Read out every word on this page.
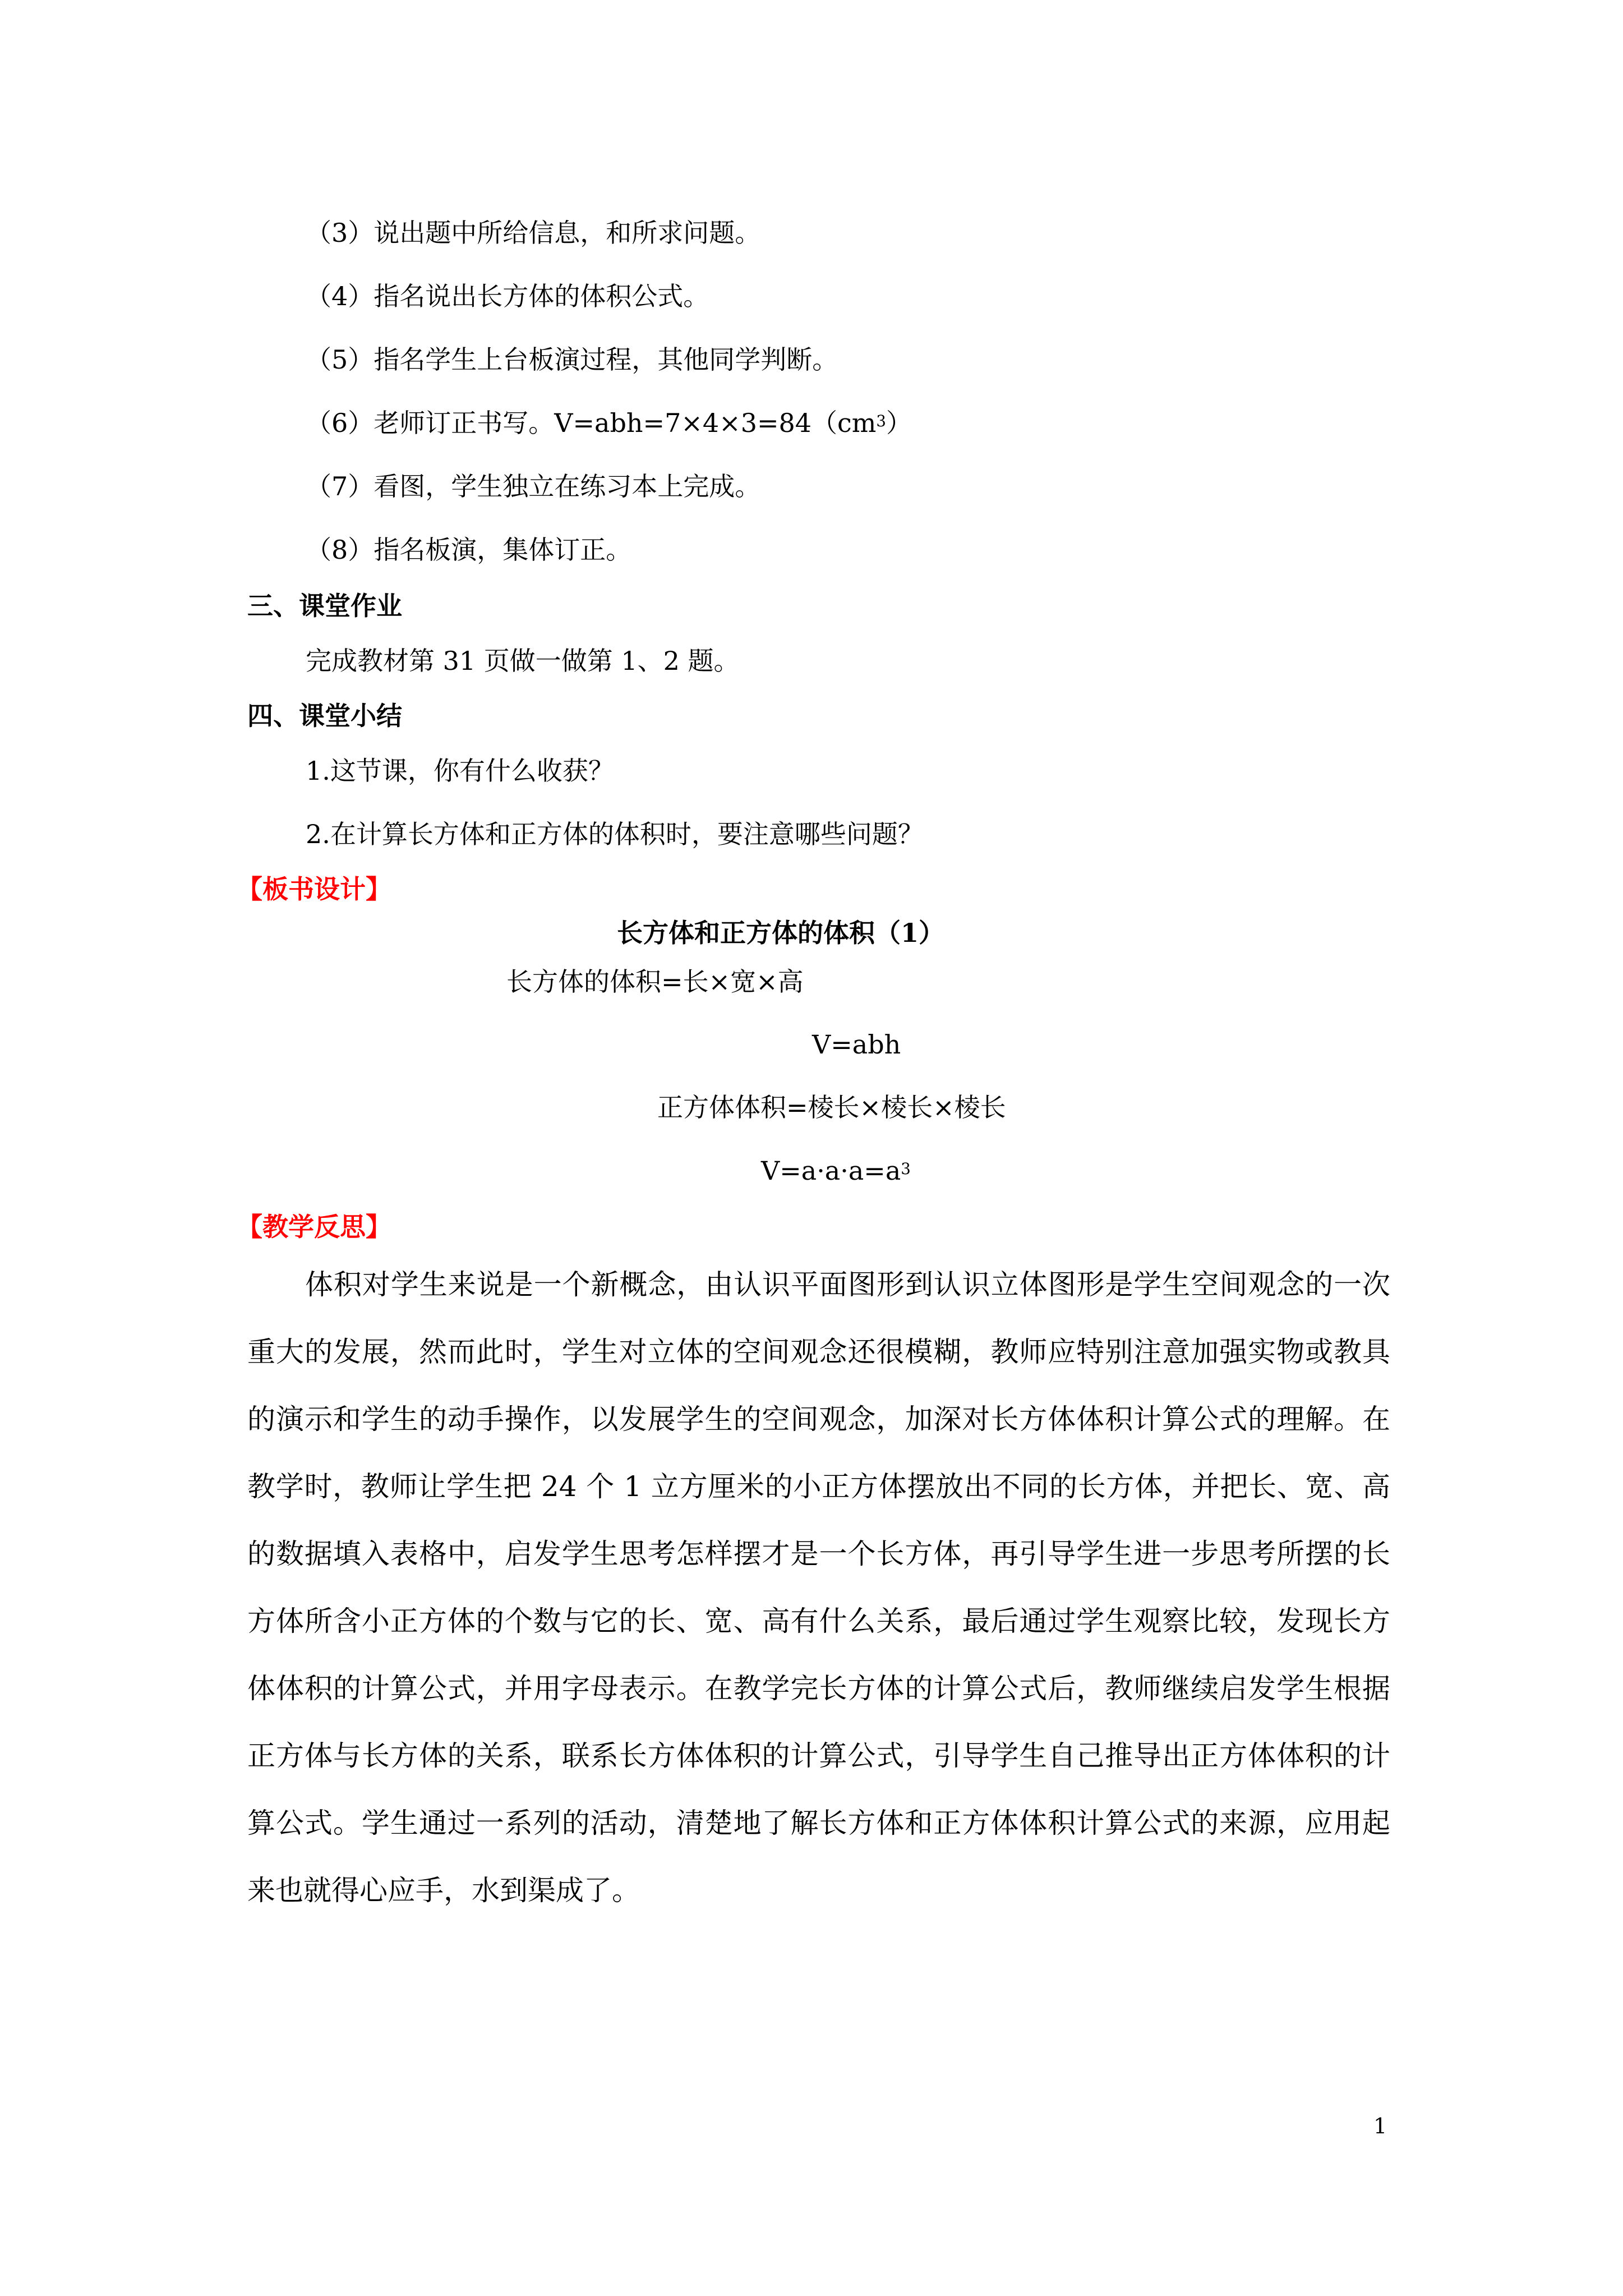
（3）说出题中所给信息，和所求问题。
（4）指名说出长方体的体积公式。
（5）指名学生上台板演过程，其他同学判断。
（6）老师订正书写。$V=abh=7\times 4\times 3=84(cm^3)$
（7）看图，学生独立在练习本上完成。
（8）指名板演，集体订正。
三、课堂作业
完成教材第 31 页做一做第 1、2 题。
四、课堂小结
1.这节课，你有什么收获？
2.在计算长方体和正方体的体积时，要注意哪些问题？
【板书设计】
长方体和正方体的体积（1）
长方体的体积=长×宽×高
V=abh
正方体体积=棱长×棱长×棱长
$V=a\cdot a\cdot a=a^3$
【教学反思】
体积对学生来说是一个新概念，由认识平面图形到认识立体图形是学生空间观念的一次
重大的发展，然而此时，学生对立体的空间观念还很模糊，教师应特别注意加强实物或教具
的演示和学生的动手操作，以发展学生的空间观念，加深对长方体体积计算公式的理解。在
教学时，教师让学生把 24 个 1 立方厘米的小正方体摆放出不同的长方体，并把长、宽、高
的数据填入表格中，启发学生思考怎样摆才是一个长方体，再引导学生进一步思考所摆的长
方体所含小正方体的个数与它的长、宽、高有什么关系，最后通过学生观察比较，发现长方
体体积的计算公式，并用字母表示。在教学完长方体的计算公式后，教师继续启发学生根据
正方体与长方体的关系，联系长方体体积的计算公式，引导学生自己推导出正方体体积的计
算公式。学生通过一系列的活动，清楚地了解长方体和正方体体积计算公式的来源，应用起
来也就得心应手，水到渠成了。
1
